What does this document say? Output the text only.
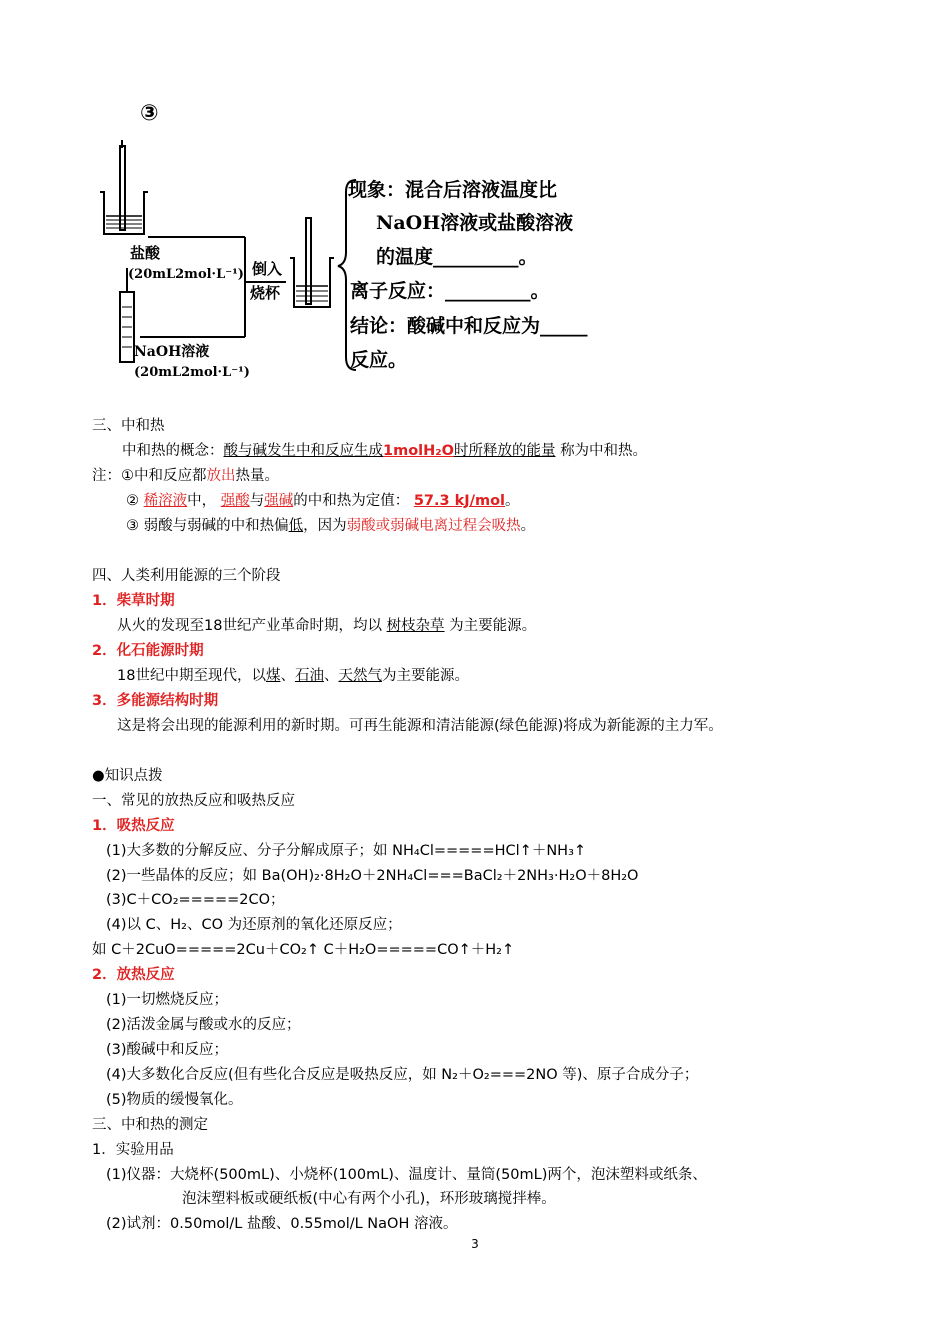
③
盐酸
(20mL2mol·L⁻¹)
NaOH溶液
(20mL2mol·L⁻¹)
倒入
烧杯
现象：混合后溶液温度比
NaOH溶液或盐酸溶液
的温度_________。
离子反应：_________。
结论：酸碱中和反应为_____
反应。
三、中和热
中和热的概念：酸与碱发生中和反应生成1molH₂O时所释放的能量 称为中和热。
注：①中和反应都放出热量。
② 稀溶液中， 强酸与强碱的中和热为定值： 57.3 kJ/mol。
③ 弱酸与弱碱的中和热偏低，因为弱酸或弱碱电离过程会吸热。
四、人类利用能源的三个阶段
1．柴草时期
从火的发现至18世纪产业革命时期，均以 树枝杂草 为主要能源。
2．化石能源时期
18世纪中期至现代，以煤、石油、天然气为主要能源。
3．多能源结构时期
这是将会出现的能源利用的新时期。可再生能源和清洁能源(绿色能源)将成为新能源的主力军。
●知识点拨
一、常见的放热反应和吸热反应
1．吸热反应
(1)大多数的分解反应、分子分解成原子；如 NH₄Cl=====HCl↑＋NH₃↑
(2)一些晶体的反应；如 Ba(OH)₂·8H₂O＋2NH₄Cl===BaCl₂＋2NH₃·H₂O＋8H₂O
(3)C＋CO₂=====2CO；
(4)以 C、H₂、CO 为还原剂的氧化还原反应；
如 C＋2CuO=====2Cu＋CO₂↑ C＋H₂O=====CO↑＋H₂↑
2．放热反应
(1)一切燃烧反应；
(2)活泼金属与酸或水的反应；
(3)酸碱中和反应；
(4)大多数化合反应(但有些化合反应是吸热反应，如 N₂＋O₂===2NO 等)、原子合成分子；
(5)物质的缓慢氧化。
三、中和热的测定
1．实验用品
(1)仪器：大烧杯(500mL)、小烧杯(100mL)、温度计、量筒(50mL)两个，泡沫塑料或纸条、
泡沫塑料板或硬纸板(中心有两个小孔)，环形玻璃搅拌棒。
(2)试剂：0.50mol/L 盐酸、0.55mol/L NaOH 溶液。
3
